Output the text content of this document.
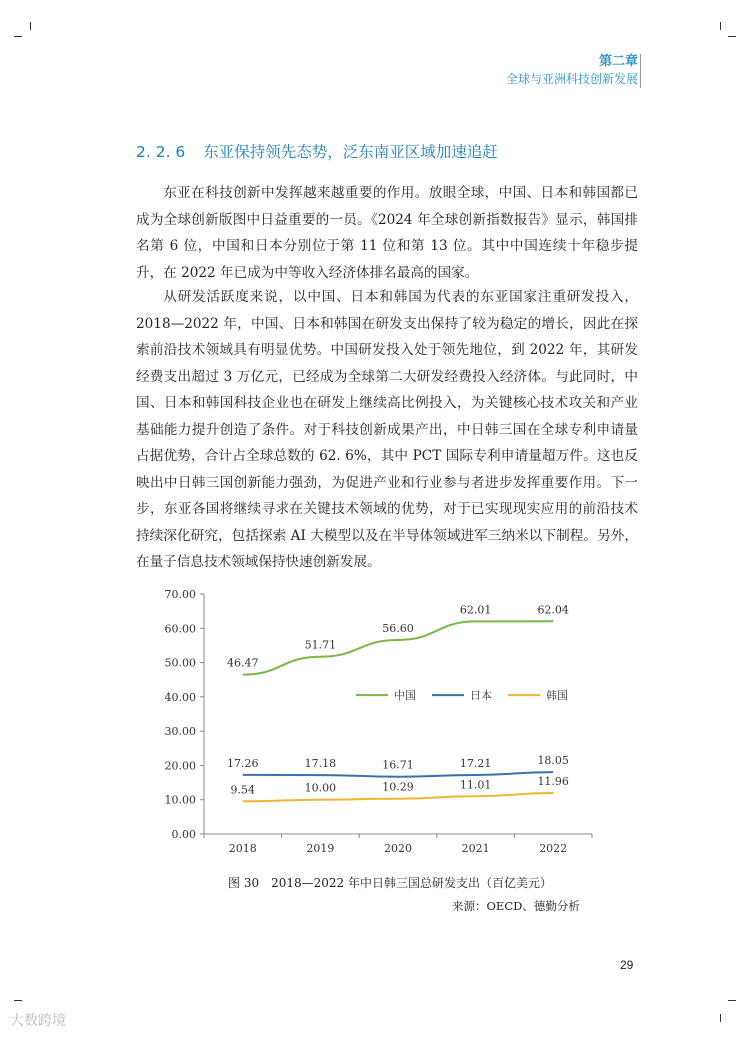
第二章
全球与亚洲科技创新发展
2. 2. 6 东亚保持领先态势，泛东南亚区域加速追赶

东亚在科技创新中发挥越来越重要的作用。放眼全球，中国、日本和韩国都已成为全球创新版图中日益重要的一员。《2024 年全球创新指数报告》显示，韩国排名第 6 位，中国和日本分别位于第 11 位和第 13 位。其中中国连续十年稳步提升，在 2022 年已成为中等收入经济体排名最高的国家。

从研发活跃度来说，以中国、日本和韩国为代表的东亚国家注重研发投入，2018—2022 年，中国、日本和韩国在研发支出保持了较为稳定的增长，因此在探索前沿技术领域具有明显优势。中国研发投入处于领先地位，到 2022 年，其研发经费支出超过 3 万亿元，已经成为全球第二大研发经费投入经济体。与此同时，中国、日本和韩国科技企业也在研发上继续高比例投入，为关键核心技术攻关和产业基础能力提升创造了条件。对于科技创新成果产出，中日韩三国在全球专利申请量占据优势，合计占全球总数的 62. 6%，其中 PCT 国际专利申请量超万件。这也反映出中日韩三国创新能力强劲，为促进产业和行业参与者进步发挥重要作用。下一步，东亚各国将继续寻求在关键技术领域的优势，对于已实现现实应用的前沿技术持续深化研究，包括探索 AI 大模型以及在半导体领域进军三纳米以下制程。另外，在量子信息技术领域保持快速创新发展。

0.00
10.00
20.00
30.00
40.00
50.00
60.00
70.00
2018	2019	2020	2021	2022
46.47
51.71
56.60
62.01	62.04
17.26	17.18	16.71	17.21	18.05
9.54	10.00	10.29	11.01	11.96
中国	日本	韩国
图 30　2018—2022 年中日韩三国总研发支出（百亿美元）
来源：OECD、德勤分析
29
大数跨境
